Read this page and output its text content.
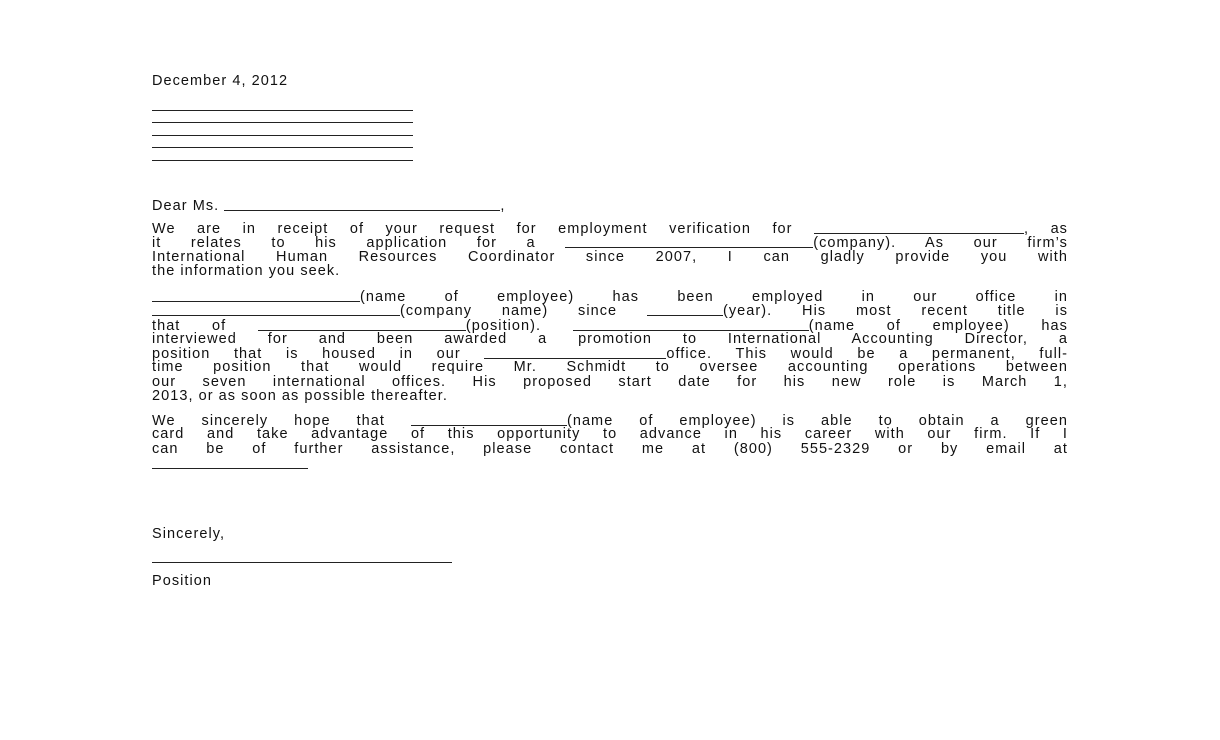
December 4, 2012
Dear Ms.	,
We are in receipt of your request for employment verification for	, as
it relates to his application for a	(company). As our firm’s
International Human Resources Coordinator since 2007, I can gladly provide you with
the information you seek.
(name of employee) has been employed in our office in
(company name) since	(year). His most recent title is
that of	(position).	(name of employee) has
interviewed for and been awarded a promotion to International Accounting Director, a
position that is housed in our	office. This would be a permanent, full-
time position that would require Mr. Schmidt to oversee accounting operations between
our seven international offices. His proposed start date for his new role is March 1,
2013, or as soon as possible thereafter.
We sincerely hope that	(name of employee) is able to obtain a green
card and take advantage of this opportunity to advance in his career with our firm. If I
can be of further assistance, please contact me at (800) 555-2329 or by email at
Sincerely,
Position
